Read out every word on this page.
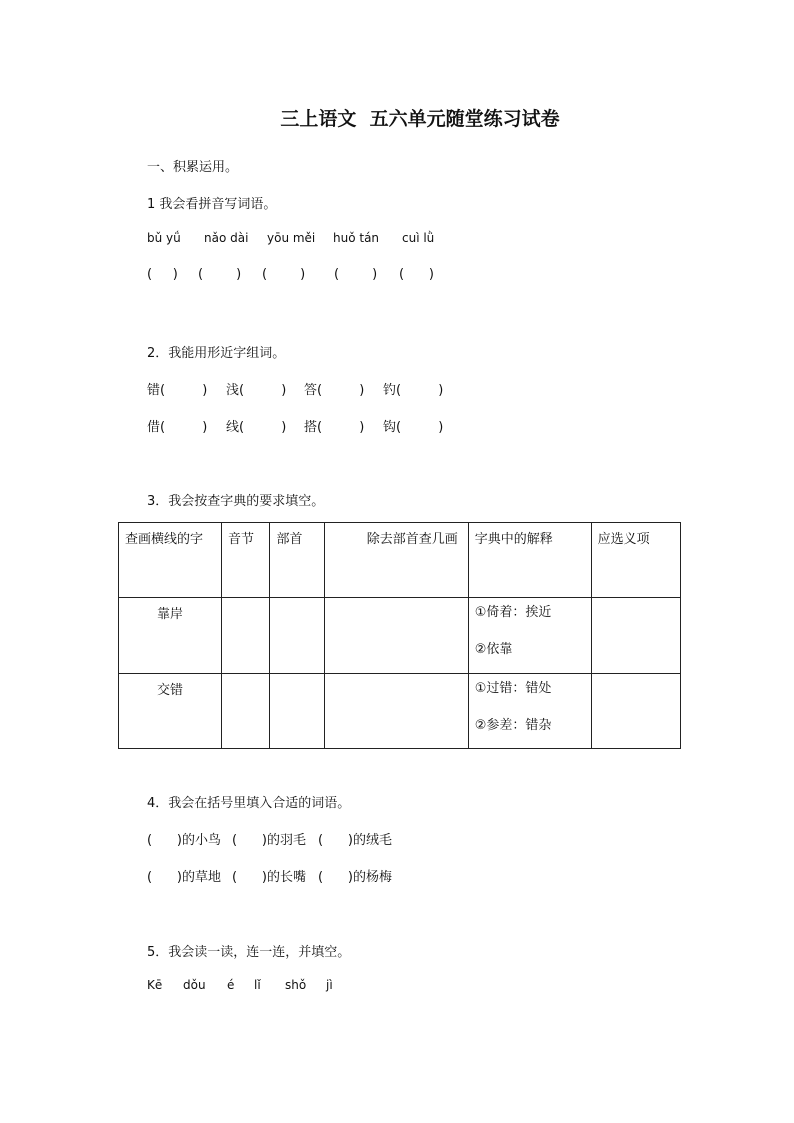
三上语文  五六单元随堂练习试卷
一、积累运用。
1 我会看拼音写词语。
bǔ yǘ nǎo dài yōu měi huǒ tán cuì lǜ
(     ) (        ) (        ) (        ) (      )
2．我能用形近字组词。
错(         ) 浅(         ) 答(         ) 钓(         )
借(         ) 线(         ) 搭(         ) 钩(         )
3．我会按查字典的要求填空。
查画横线的字	音节	部首	除去部首查几画	字典中的解释	应选义项
靠岸				①倚着：挨近
②依靠	

交错				①过错：错处
②参差：错杂	

4．我会在括号里填入合适的词语。
(      )的小鸟 (      )的羽毛 (      )的绒毛
(      )的草地 (      )的长嘴 (      )的杨梅
5．我会读一读，连一连，并填空。
Kē dǒu é lǐ shǒ jì
